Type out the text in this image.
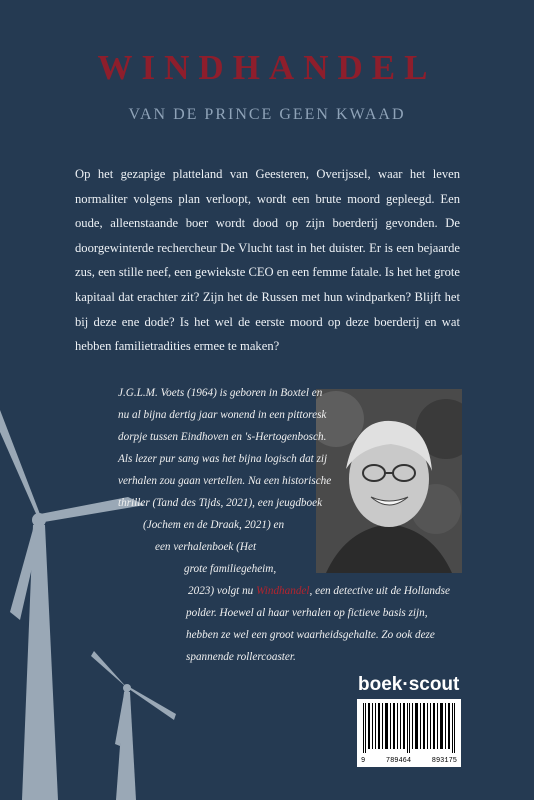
WINDHANDEL
VAN DE PRINCE GEEN KWAAD

Op het gezapige platteland van Geesteren, Overijssel, waar het leven normaliter volgens plan verloopt, wordt een brute moord gepleegd. Een oude, alleenstaande boer wordt dood op zijn boerderij gevonden. De doorgewinterde rechercheur De Vlucht tast in het duister. Er is een bejaarde zus, een stille neef, een gewiekste CEO en een femme fatale. Is het het grote kapitaal dat erachter zit? Zijn het de Russen met hun windparken? Blijft het bij deze ene dode? Is het wel de eerste moord op deze boerderij en wat hebben familietradities ermee te maken?

J.G.L.M. Voets (1964) is geboren in Boxtel en
nu al bijna dertig jaar wonend in een pittoresk
dorpje tussen Eindhoven en 's-Hertogenbosch.
Als lezer pur sang was het bijna logisch dat zij
verhalen zou gaan vertellen. Na een historische
thriller (Tand des Tijds, 2021), een jeugdboek
(Jochem en de Draak, 2021) en
een verhalenboek (Het
grote familiegeheim,
2023) volgt nu Windhandel, een detective uit de Hollandse
polder. Hoewel al haar verhalen op fictieve basis zijn,
hebben ze wel een groot waarheidsgehalte. Zo ook deze
spannende rollercoaster.
boek·scout
9	789464	893175
